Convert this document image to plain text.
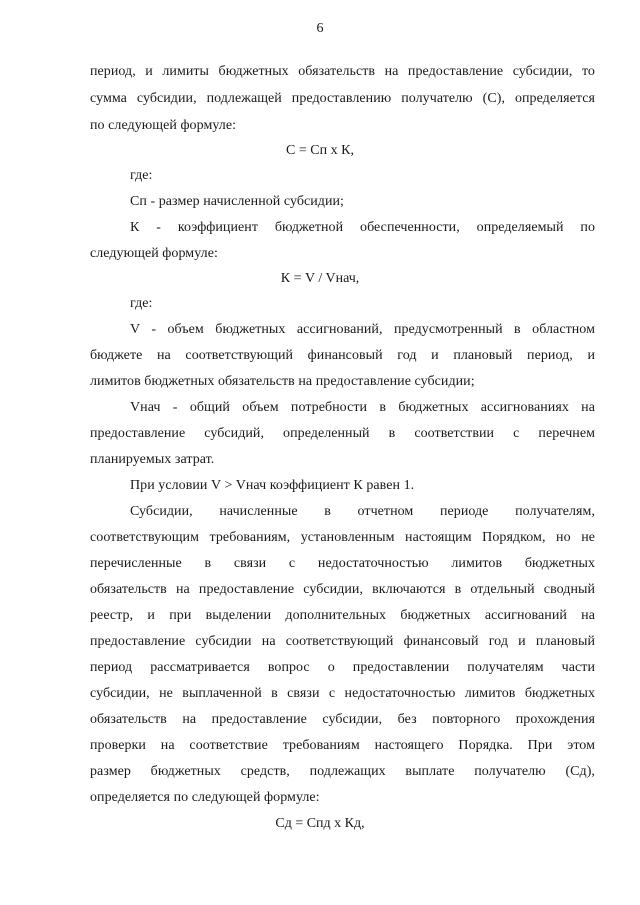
6
период, и лимиты бюджетных обязательств на предоставление субсидии, то
сумма субсидии, подлежащей предоставлению получателю (С), определяется
по следующей формуле:
С = Сп х К,
где:
Сп - размер начисленной субсидии;
К - коэффициент бюджетной обеспеченности, определяемый по
следующей формуле:
К = V / Vнач,
где:
V - объем бюджетных ассигнований, предусмотренный в областном
бюджете на соответствующий финансовый год и плановый период, и
лимитов бюджетных обязательств на предоставление субсидии;
Vнач - общий объем потребности в бюджетных ассигнованиях на
предоставление субсидий, определенный в соответствии с перечнем
планируемых затрат.
При условии V > Vнач коэффициент К равен 1.
Субсидии, начисленные в отчетном периоде получателям,
соответствующим требованиям, установленным настоящим Порядком, но не
перечисленные в связи с недостаточностью лимитов бюджетных
обязательств на предоставление субсидии, включаются в отдельный сводный
реестр, и при выделении дополнительных бюджетных ассигнований на
предоставление субсидии на соответствующий финансовый год и плановый
период рассматривается вопрос о предоставлении получателям части
субсидии, не выплаченной в связи с недостаточностью лимитов бюджетных
обязательств на предоставление субсидии, без повторного прохождения
проверки на соответствие требованиям настоящего Порядка. При этом
размер бюджетных средств, подлежащих выплате получателю (Сд),
определяется по следующей формуле:
Сд = Спд х Кд,
